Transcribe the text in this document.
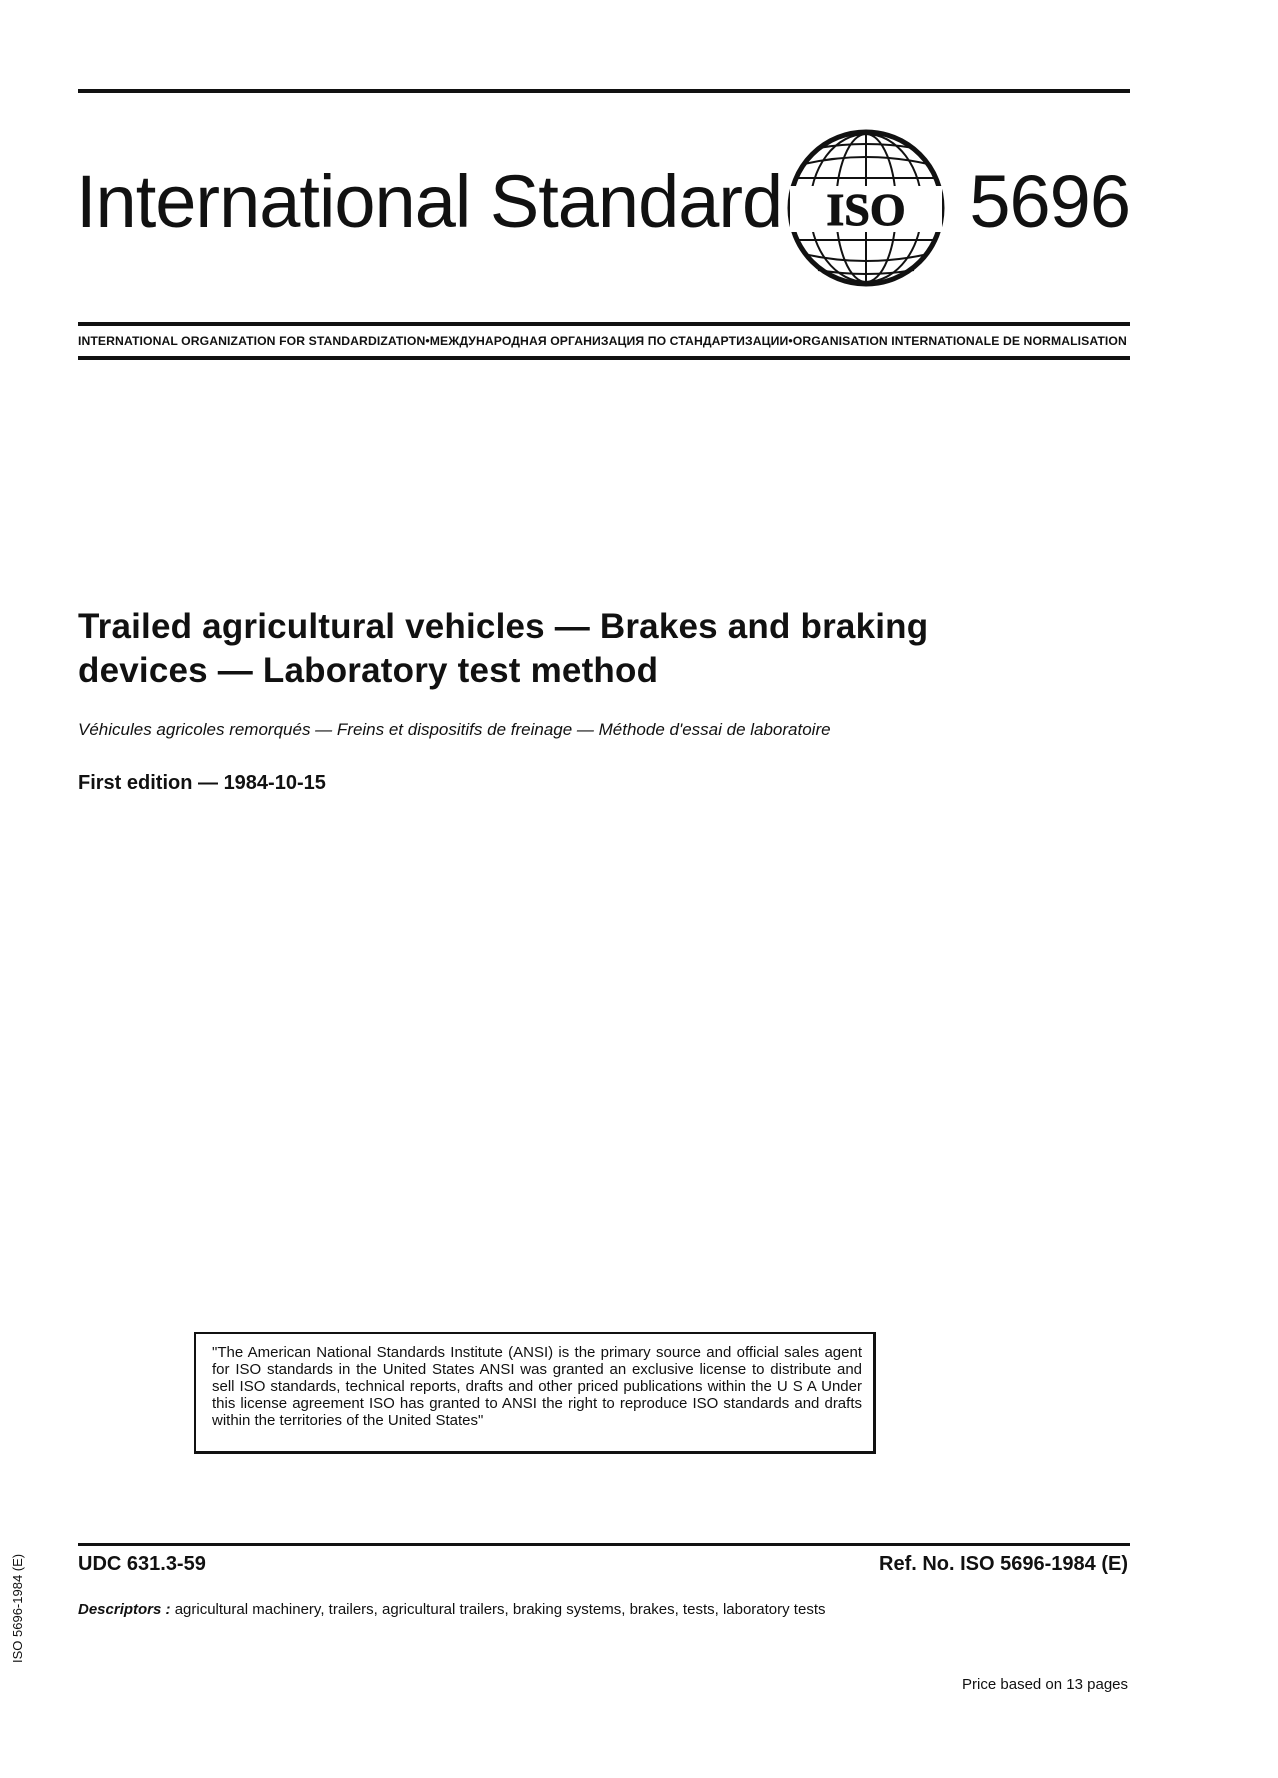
International Standard ISO 5696
INTERNATIONAL ORGANIZATION FOR STANDARDIZATION•МЕЖДУНАРОДНАЯ ОРГАНИЗАЦИЯ ПО СТАНДАРТИЗАЦИИ•ORGANISATION INTERNATIONALE DE NORMALISATION
Trailed agricultural vehicles — Brakes and braking
devices — Laboratory test method
Véhicules agricoles remorqués — Freins et dispositifs de freinage — Méthode d'essai de laboratoire
First edition — 1984-10-15
"The American National Standards Institute (ANSI) is the primary source and official sales agent for ISO standards in the United States ANSI was granted an exclusive license to distribute and sell ISO standards, technical reports, drafts and other priced publications within the U S A Under this license agreement ISO has granted to ANSI the right to reproduce ISO standards and drafts within the territories of the United States"
UDC 631.3-59	Ref. No. ISO 5696-1984 (E)
Descriptors : agricultural machinery, trailers, agricultural trailers, braking systems, brakes, tests, laboratory tests
Price based on 13 pages
ISO 5696-1984 (E)
